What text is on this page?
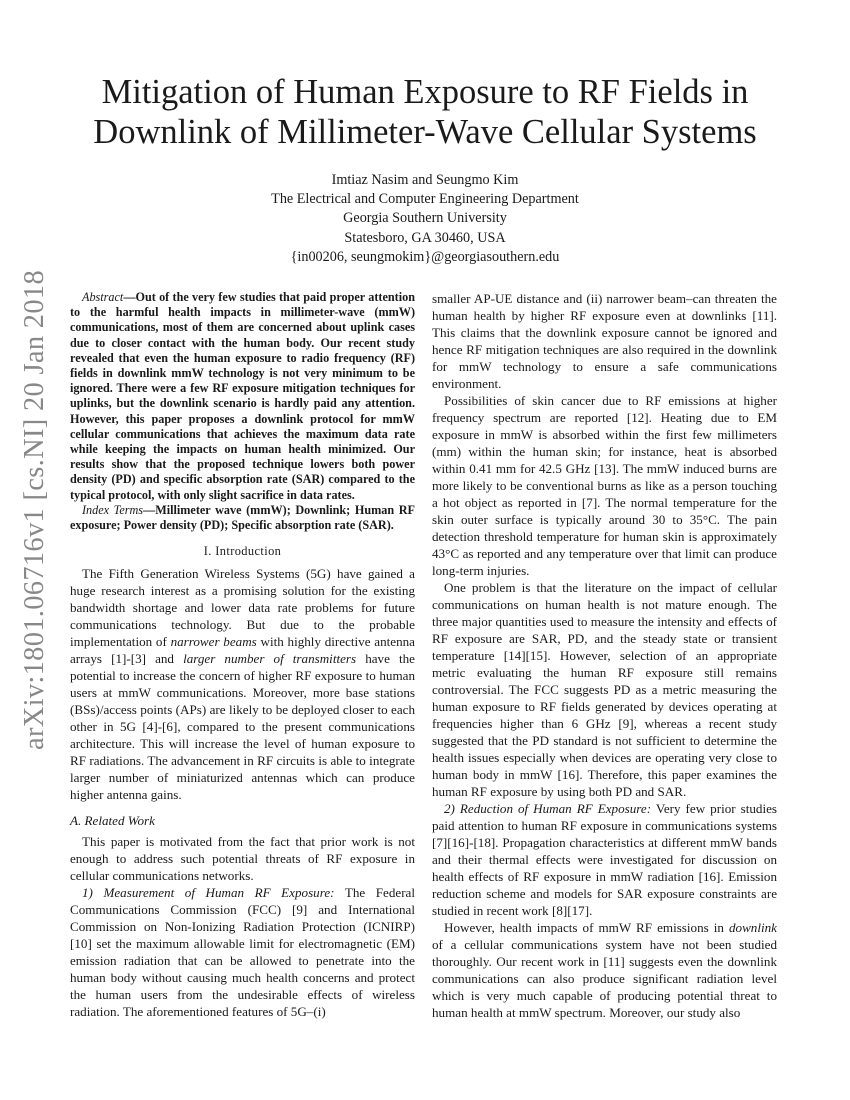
arXiv:1801.06716v1 [cs.NI] 20 Jan 2018
Mitigation of Human Exposure to RF Fields in
Downlink of Millimeter-Wave Cellular Systems
Imtiaz Nasim and Seungmo Kim
The Electrical and Computer Engineering Department
Georgia Southern University
Statesboro, GA 30460, USA
{in00206, seungmokim}@georgiasouthern.edu

Abstract—Out of the very few studies that paid proper attention to the harmful health impacts in millimeter-wave (mmW) communications, most of them are concerned about uplink cases due to closer contact with the human body. Our recent study revealed that even the human exposure to radio frequency (RF) fields in downlink mmW technology is not very minimum to be ignored. There were a few RF exposure mitigation techniques for uplinks, but the downlink scenario is hardly paid any attention. However, this paper proposes a downlink protocol for mmW cellular communications that achieves the maximum data rate while keeping the impacts on human health minimized. Our results show that the proposed technique lowers both power density (PD) and specific absorption rate (SAR) compared to the typical protocol, with only slight sacrifice in data rates.

Index Terms—Millimeter wave (mmW); Downlink; Human RF exposure; Power density (PD); Specific absorption rate (SAR).

I. Introduction

The Fifth Generation Wireless Systems (5G) have gained a huge research interest as a promising solution for the existing bandwidth shortage and lower data rate problems for future communications technology. But due to the probable implementation of narrower beams with highly directive antenna arrays [1]-[3] and larger number of transmitters have the potential to increase the concern of higher RF exposure to human users at mmW communications. Moreover, more base stations (BSs)/access points (APs) are likely to be deployed closer to each other in 5G [4]-[6], compared to the present communications architecture. This will increase the level of human exposure to RF radiations. The advancement in RF circuits is able to integrate larger number of miniaturized antennas which can produce higher antenna gains.

A. Related Work

This paper is motivated from the fact that prior work is not enough to address such potential threats of RF exposure in cellular communications networks.

1) Measurement of Human RF Exposure: The Federal Communications Commission (FCC) [9] and International Commission on Non-Ionizing Radiation Protection (ICNIRP) [10] set the maximum allowable limit for electromagnetic (EM) emission radiation that can be allowed to penetrate into the human body without causing much health concerns and protect the human users from the undesirable effects of wireless radiation. The aforementioned features of 5G–(i)

smaller AP-UE distance and (ii) narrower beam–can threaten the human health by higher RF exposure even at downlinks [11]. This claims that the downlink exposure cannot be ignored and hence RF mitigation techniques are also required in the downlink for mmW technology to ensure a safe communications environment.

Possibilities of skin cancer due to RF emissions at higher frequency spectrum are reported [12]. Heating due to EM exposure in mmW is absorbed within the first few millimeters (mm) within the human skin; for instance, heat is absorbed within 0.41 mm for 42.5 GHz [13]. The mmW induced burns are more likely to be conventional burns as like as a person touching a hot object as reported in [7]. The normal temperature for the skin outer surface is typically around 30 to 35°C. The pain detection threshold temperature for human skin is approximately 43°C as reported and any temperature over that limit can produce long-term injuries.

One problem is that the literature on the impact of cellular communications on human health is not mature enough. The three major quantities used to measure the intensity and effects of RF exposure are SAR, PD, and the steady state or transient temperature [14][15]. However, selection of an appropriate metric evaluating the human RF exposure still remains controversial. The FCC suggests PD as a metric measuring the human exposure to RF fields generated by devices operating at frequencies higher than 6 GHz [9], whereas a recent study suggested that the PD standard is not sufficient to determine the health issues especially when devices are operating very close to human body in mmW [16]. Therefore, this paper examines the human RF exposure by using both PD and SAR.

2) Reduction of Human RF Exposure: Very few prior studies paid attention to human RF exposure in communications systems [7][16]-[18]. Propagation characteristics at different mmW bands and their thermal effects were investigated for discussion on health effects of RF exposure in mmW radiation [16]. Emission reduction scheme and models for SAR exposure constraints are studied in recent work [8][17].

However, health impacts of mmW RF emissions in downlink of a cellular communications system have not been studied thoroughly. Our recent work in [11] suggests even the downlink communications can also produce significant radiation level which is very much capable of producing potential threat to human health at mmW spectrum. Moreover, our study also
